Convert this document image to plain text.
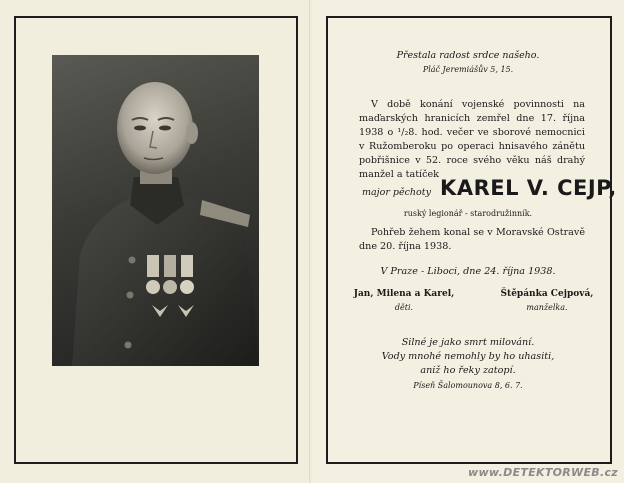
Přestala radost srdce našeho.
Pláč Jeremiášův 5, 15.
V době konání vojenské povinnosti na maďarských hranicích zemřel dne 17. října 1938 o ¹/₂8. hod. večer ve sborové nemocnici v Ružomberoku po operaci hnisavého zánětu pobřišnice v 52. roce svého věku náš drahý manžel a tatíček
major pěchoty KAREL V. CEJP,
ruský legionář - starodružinník.
Pohřeb žehem konal se v Moravské Ostravě dne 20. října 1938.
V Praze - Liboci, dne 24. října 1938.
Jan, Milena a Karel,
děti.
Štěpánka Cejpová,
manželka.
Silné je jako smrt milování.
Vody mnohé nemohly by ho uhasiti,
aniž ho řeky zatopí.
Píseň Šalomounova 8, 6. 7.
www.DETEKTORWEB.cz
